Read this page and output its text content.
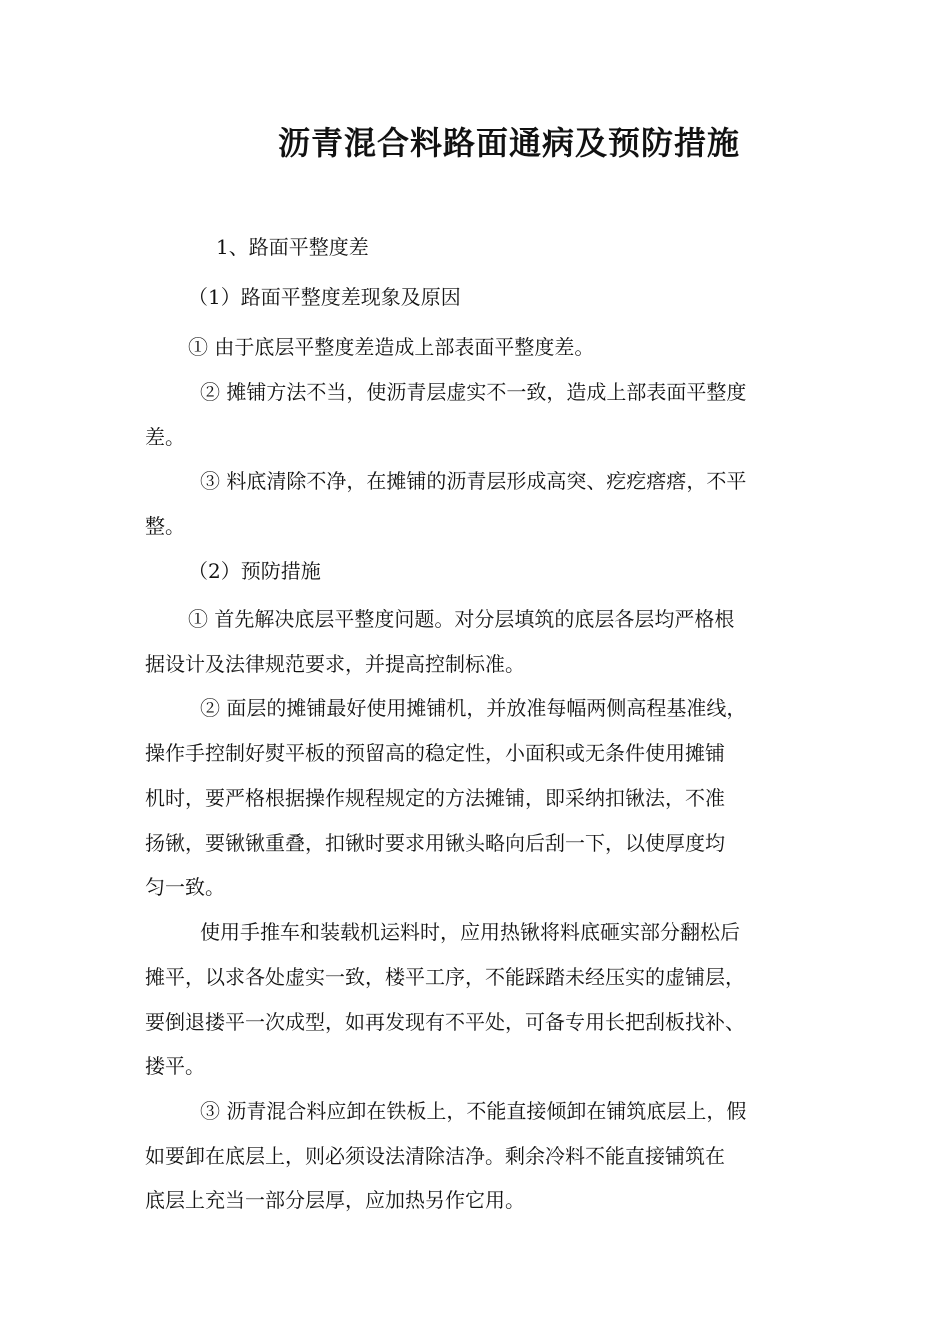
沥青混合料路面通病及预防措施
1、路面平整度差
（1）路面平整度差现象及原因
① 由于底层平整度差造成上部表面平整度差。
② 摊铺方法不当，使沥青层虚实不一致，造成上部表面平整度
差。
③ 料底清除不净，在摊铺的沥青层形成高突、疙疙瘩瘩，不平
整。
（2）预防措施
① 首先解决底层平整度问题。对分层填筑的底层各层均严格根
据设计及法律规范要求，并提高控制标准。
② 面层的摊铺最好使用摊铺机，并放准每幅两侧高程基准线，
操作手控制好熨平板的预留高的稳定性，小面积或无条件使用摊铺
机时，要严格根据操作规程规定的方法摊铺，即采纳扣锹法，不准
扬锹，要锹锹重叠，扣锹时要求用锹头略向后刮一下，以使厚度均
匀一致。
使用手推车和装载机运料时，应用热锹将料底砸实部分翻松后
摊平，以求各处虚实一致，楼平工序，不能踩踏未经压实的虚铺层，
要倒退搂平一次成型，如再发现有不平处，可备专用长把刮板找补、
搂平。
③ 沥青混合料应卸在铁板上，不能直接倾卸在铺筑底层上，假
如要卸在底层上，则必须设法清除洁净。剩余冷料不能直接铺筑在
底层上充当一部分层厚，应加热另作它用。
